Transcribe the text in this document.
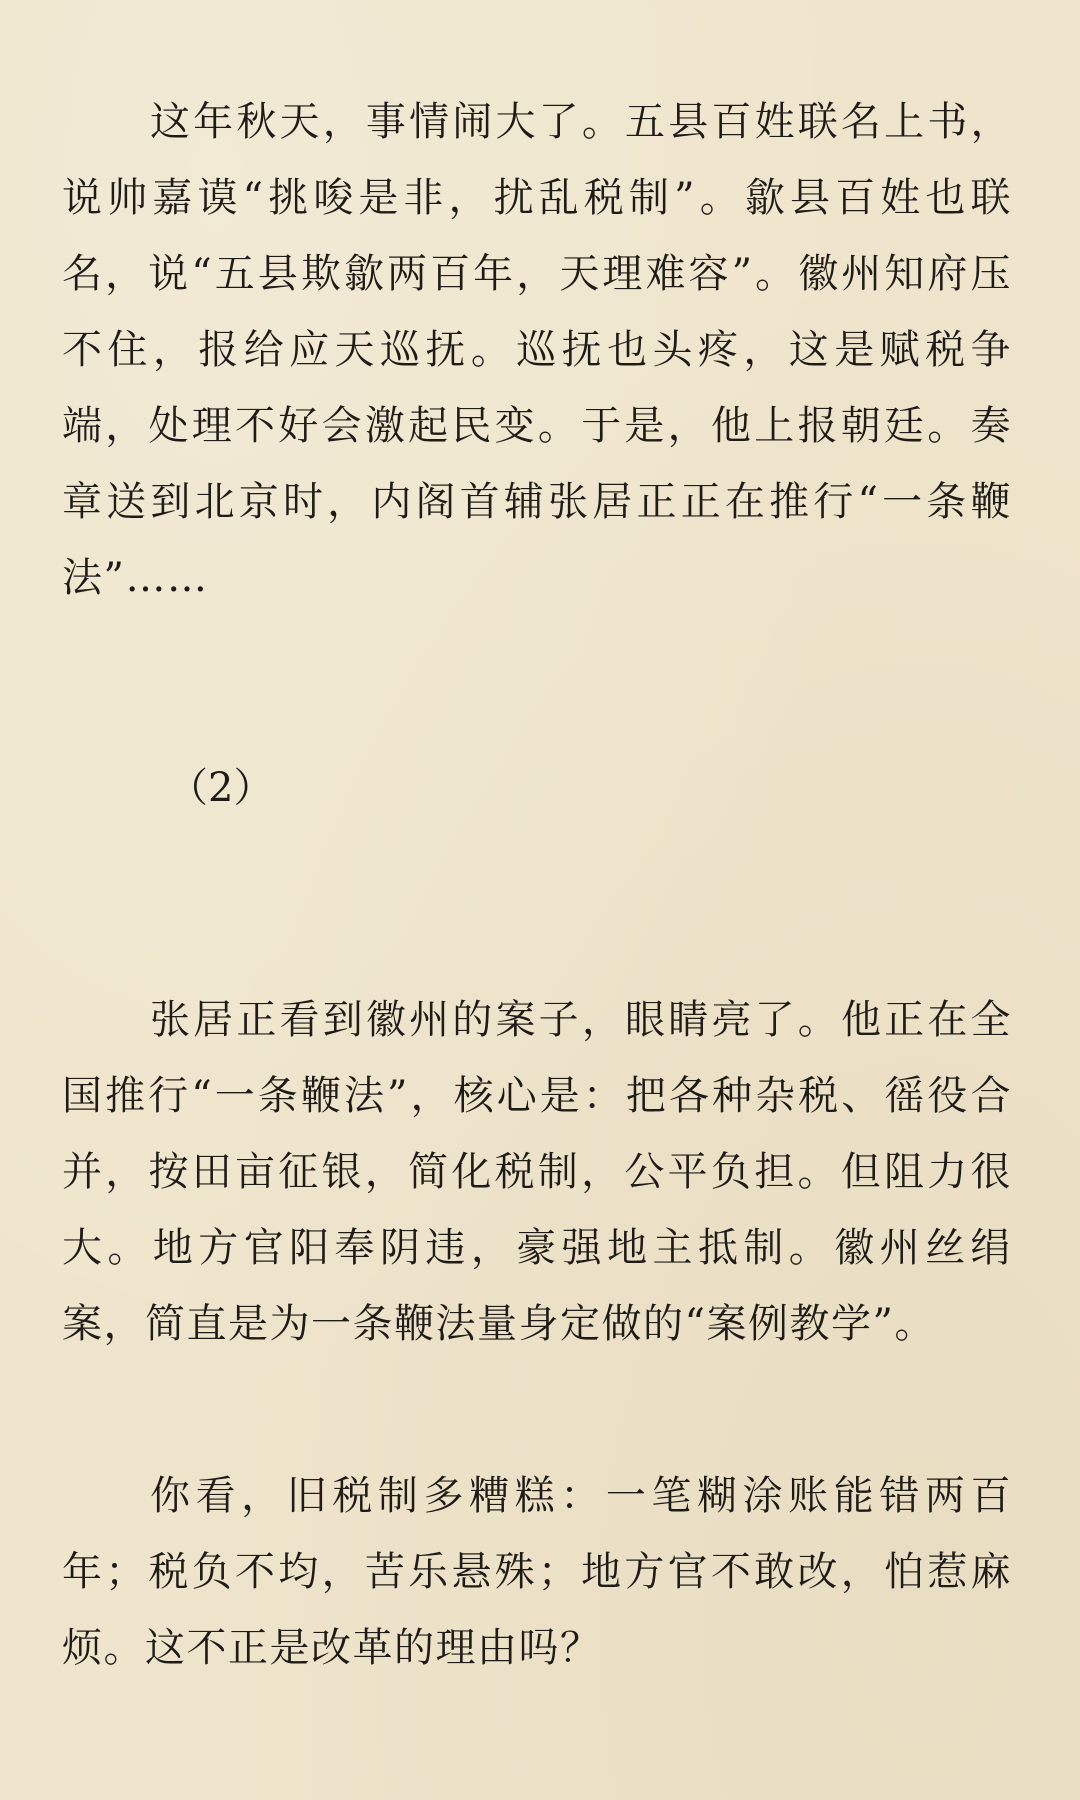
这年秋天，事情闹大了。五县百姓联名上书，说帅嘉谟“挑唆是非，扰乱税制”。歙县百姓也联名，说“五县欺歙两百年，天理难容”。徽州知府压不住，报给应天巡抚。巡抚也头疼，这是赋税争端，处理不好会激起民变。于是，他上报朝廷。奏章送到北京时，内阁首辅张居正正在推行“一条鞭法”……

（2）

张居正看到徽州的案子，眼睛亮了。他正在全国推行“一条鞭法”，核心是：把各种杂税、徭役合并，按田亩征银，简化税制，公平负担。但阻力很大。地方官阳奉阴违，豪强地主抵制。徽州丝绢案，简直是为一条鞭法量身定做的“案例教学”。

你看，旧税制多糟糕：一笔糊涂账能错两百年；税负不均，苦乐悬殊；地方官不敢改，怕惹麻烦。这不正是改革的理由吗？
